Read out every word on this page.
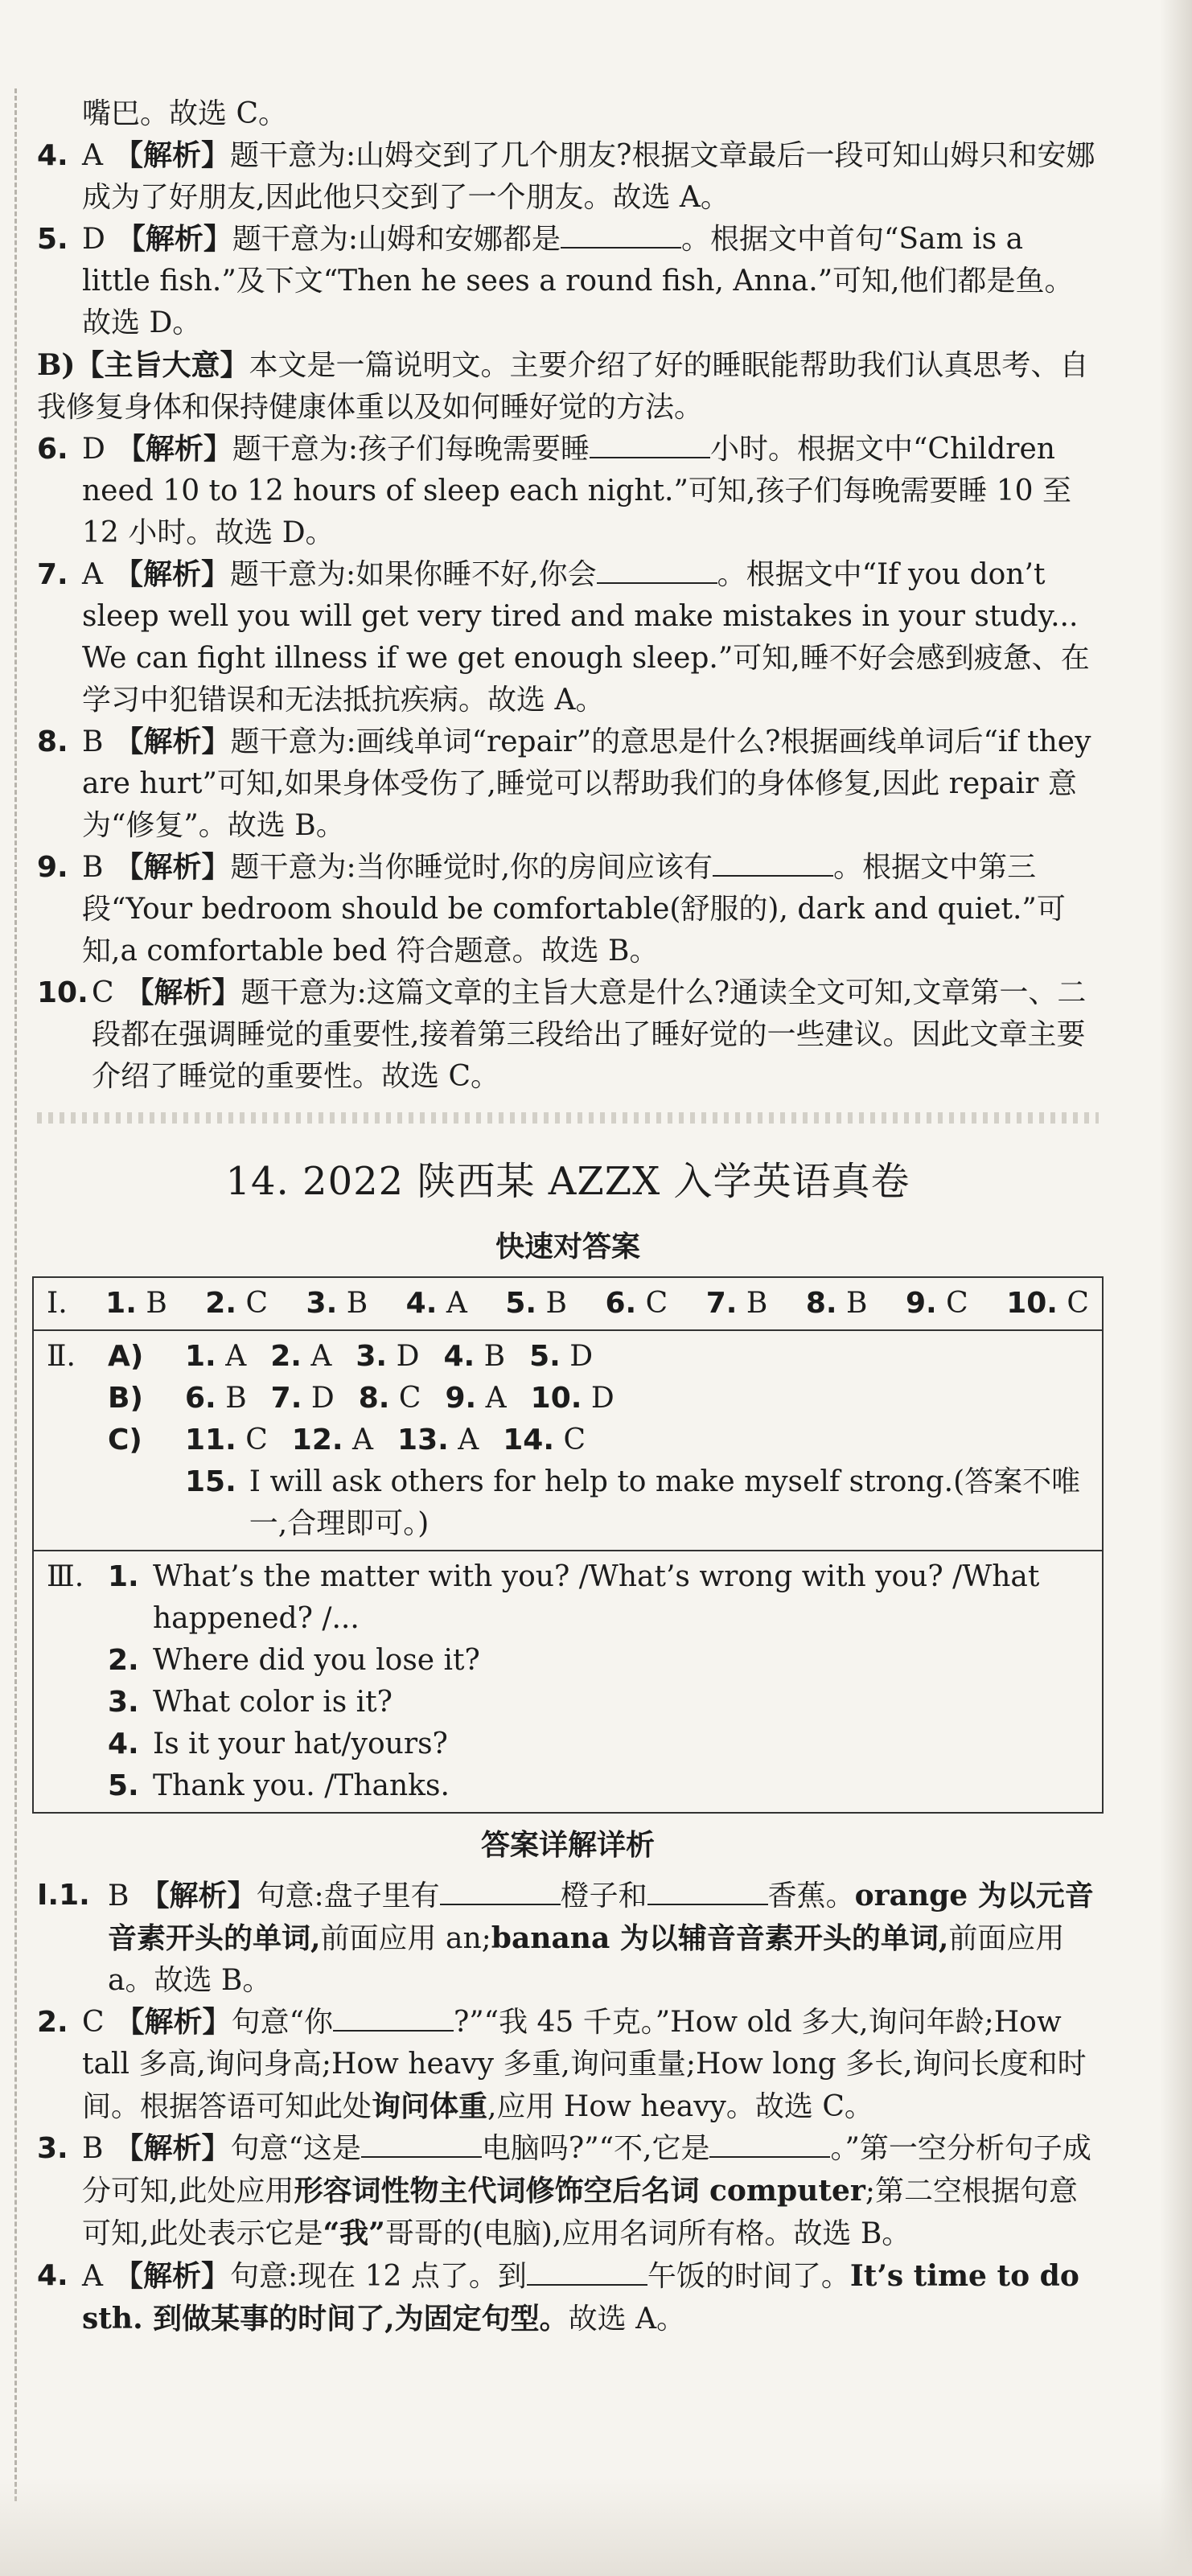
嘴巴。故选 C。
4. A 【解析】题干意为:山姆交到了几个朋友?根据文章最后一段可知山姆只和安娜成为了好朋友,因此他只交到了一个朋友。故选 A。
5. D 【解析】题干意为:山姆和安娜都是	。根据文中首句“Sam is a little fish.”及下文“Then he sees a round fish, Anna.”可知,他们都是鱼。故选 D。
B)【主旨大意】本文是一篇说明文。主要介绍了好的睡眠能帮助我们认真思考、自我修复身体和保持健康体重以及如何睡好觉的方法。
6. D 【解析】题干意为:孩子们每晚需要睡	小时。根据文中“Children need 10 to 12 hours of sleep each night.”可知,孩子们每晚需要睡 10 至 12 小时。故选 D。
7. A 【解析】题干意为:如果你睡不好,你会	。根据文中“If you don’t sleep well you will get very tired and make mistakes in your study... We can fight illness if we get enough sleep.”可知,睡不好会感到疲惫、在学习中犯错误和无法抵抗疾病。故选 A。
8. B 【解析】题干意为:画线单词“repair”的意思是什么?根据画线单词后“if they are hurt”可知,如果身体受伤了,睡觉可以帮助我们的身体修复,因此 repair 意为“修复”。故选 B。
9. B 【解析】题干意为:当你睡觉时,你的房间应该有	。根据文中第三段“Your bedroom should be comfortable(舒服的), dark and quiet.”可知,a comfortable bed 符合题意。故选 B。
10. C 【解析】题干意为:这篇文章的主旨大意是什么?通读全文可知,文章第一、二段都在强调睡觉的重要性,接着第三段给出了睡好觉的一些建议。因此文章主要介绍了睡觉的重要性。故选 C。
14. 2022 陕西某 AZZX 入学英语真卷
快速对答案
Ⅰ. 1. B 2. C 3. B 4. A 5. B 6. C 7. B 8. B 9. C 10. C
Ⅱ.	A)	1. A 2. A 3. D 4. B 5. D
B)	6. B 7. D 8. C 9. A 10. D
C)	11. C 12. A 13. A 14. C
15. I will ask others for help to make myself strong.(答案不唯一,合理即可。)
Ⅲ. 1. What’s the matter with you? /What’s wrong with you? /What happened? /...
2. Where did you lose it?
3. What color is it?
4. Is it your hat/yours?
5. Thank you. /Thanks.
答案详解详析
Ⅰ.1. B 【解析】句意:盘子里有	橙子和	香蕉。orange 为以元音音素开头的单词,前面应用 an;banana 为以辅音音素开头的单词,前面应用 a。故选 B。
2. C 【解析】句意“你	?”“我 45 千克。”How old 多大,询问年龄;How tall 多高,询问身高;How heavy 多重,询问重量;How long 多长,询问长度和时间。根据答语可知此处询问体重,应用 How heavy。故选 C。
3. B 【解析】句意“这是	电脑吗?”“不,它是	。”第一空分析句子成分可知,此处应用形容词性物主代词修饰空后名词 computer;第二空根据句意可知,此处表示它是“我”哥哥的(电脑),应用名词所有格。故选 B。
4. A 【解析】句意:现在 12 点了。到	午饭的时间了。It’s time to do sth. 到做某事的时间了,为固定句型。故选 A。
